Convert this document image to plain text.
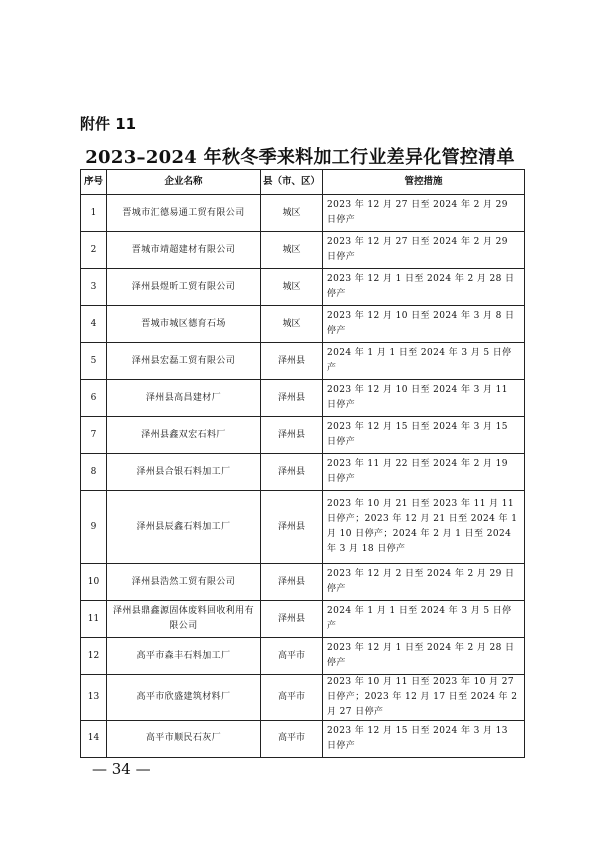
附件 11
2023–2024 年秋冬季来料加工行业差异化管控清单
序号	企业名称	县（市、区）	管控措施
1	晋城市汇德易通工贸有限公司	城区	2023 年 12 月 27 日至 2024 年 2 月 29 日停产
2	晋城市靖超建材有限公司	城区	2023 年 12 月 27 日至 2024 年 2 月 29 日停产
3	泽州县煜昕工贸有限公司	城区	2023 年 12 月 1 日至 2024 年 2 月 28 日停产
4	晋城市城区德育石场	城区	2023 年 12 月 10 日至 2024 年 3 月 8 日停产
5	泽州县宏磊工贸有限公司	泽州县	2024 年 1 月 1 日至 2024 年 3 月 5 日停产
6	泽州县高昌建材厂	泽州县	2023 年 12 月 10 日至 2024 年 3 月 11 日停产
7	泽州县鑫双宏石料厂	泽州县	2023 年 12 月 15 日至 2024 年 3 月 15 日停产
8	泽州县合银石料加工厂	泽州县	2023 年 11 月 22 日至 2024 年 2 月 19 日停产
9	泽州县辰鑫石料加工厂	泽州县	2023 年 10 月 21 日至 2023 年 11 月 11 日停产；2023 年 12 月 21 日至 2024 年 1 月 10 日停产；2024 年 2 月 1 日至 2024 年 3 月 18 日停产
10	泽州县浩然工贸有限公司	泽州县	2023 年 12 月 2 日至 2024 年 2 月 29 日停产
11	泽州县鼎鑫源固体废料回收利用有限公司	泽州县	2024 年 1 月 1 日至 2024 年 3 月 5 日停产
12	高平市森丰石料加工厂	高平市	2023 年 12 月 1 日至 2024 年 2 月 28 日停产
13	高平市欣盛建筑材料厂	高平市	2023 年 10 月 11 日至 2023 年 10 月 27 日停产；2023 年 12 月 17 日至 2024 年 2 月 27 日停产
14	高平市顺民石灰厂	高平市	2023 年 12 月 15 日至 2024 年 3 月 13 日停产
— 34 —
